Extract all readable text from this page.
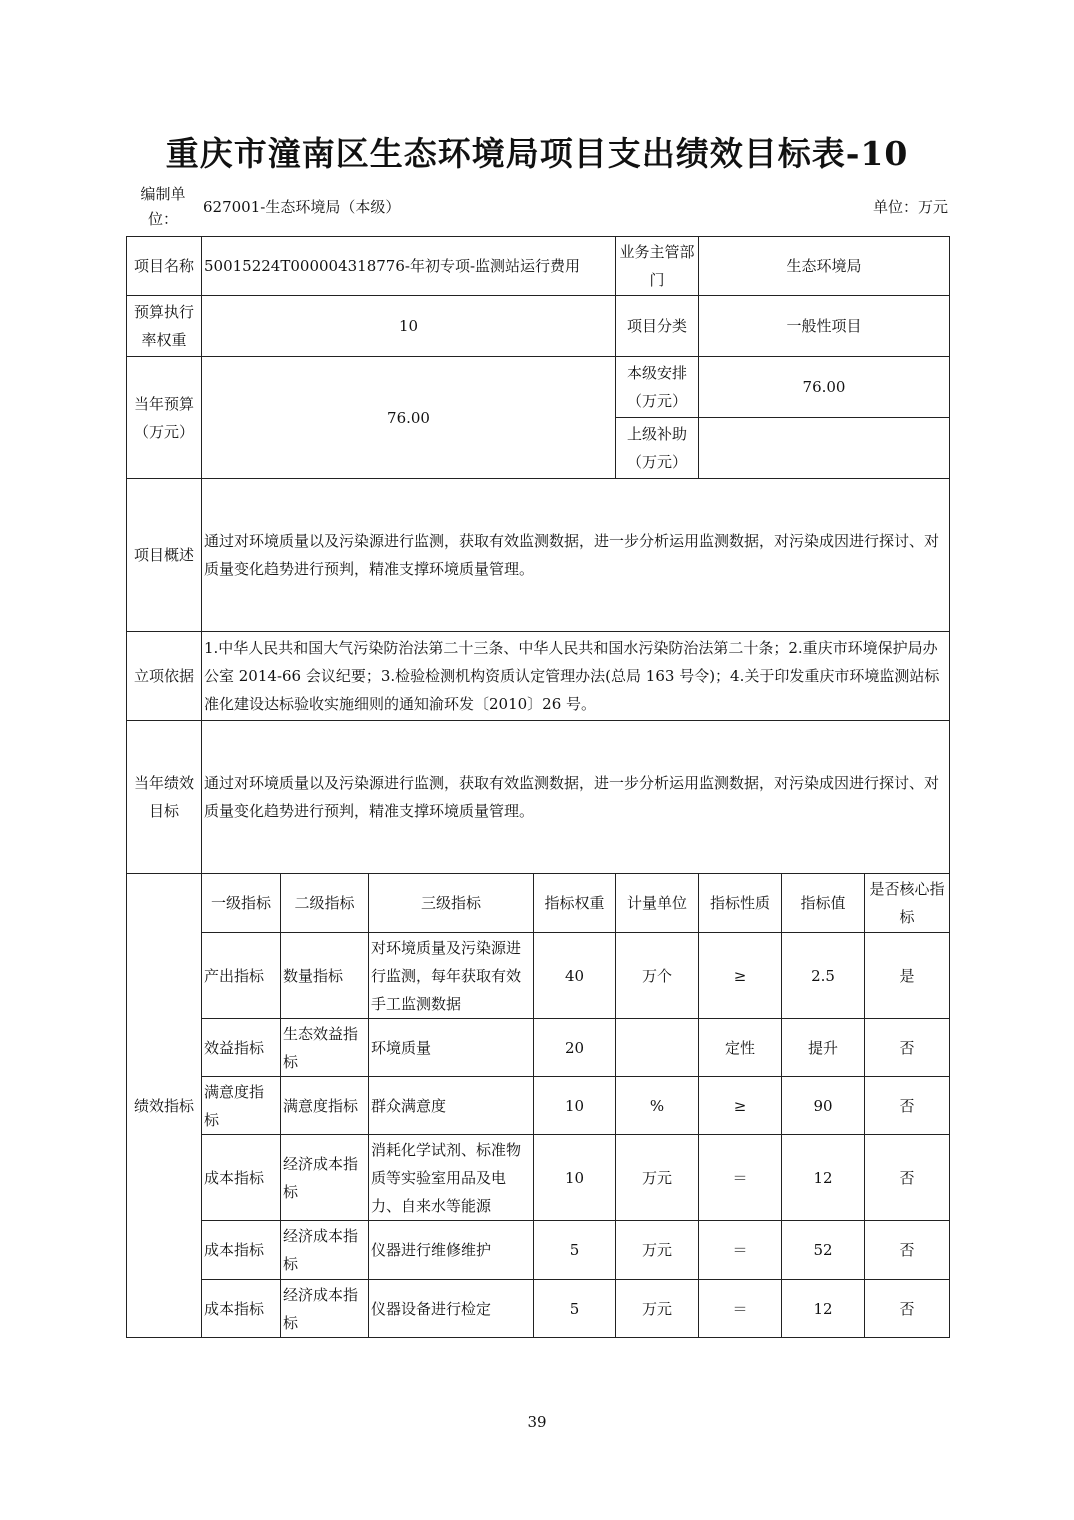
重庆市潼南区生态环境局项目支出绩效目标表-10
编制单位：
627001-生态环境局（本级）	单位：万元
项目名称	50015224T000004318776-年初专项-监测站运行费用				业务主管部门	生态环境局		
预算执行率权重	10				项目分类	一般性项目		
当年预算（万元）	76.00				本级安排（万元）	76.00		
					上级补助（万元）			
项目概述	通过对环境质量以及污染源进行监测，获取有效监测数据，进一步分析运用监测数据，对污染成因进行探讨、对质量变化趋势进行预判，精准支撑环境质量管理。							
立项依据	1.中华人民共和国大气污染防治法第二十三条、中华人民共和国水污染防治法第二十条；2.重庆市环境保护局办公室 2014-66 会议纪要；3.检验检测机构资质认定管理办法(总局 163 号令)；4.关于印发重庆市环境监测站标准化建设达标验收实施细则的通知渝环发〔2010〕26 号。							
当年绩效目标	通过对环境质量以及污染源进行监测，获取有效监测数据，进一步分析运用监测数据，对污染成因进行探讨、对质量变化趋势进行预判，精准支撑环境质量管理。							
绩效指标	一级指标	二级指标	三级指标	指标权重	计量单位	指标性质	指标值	是否核心指标
	产出指标	数量指标	对环境质量及污染源进行监测，每年获取有效手工监测数据	40	万个	≥	2.5	是
	效益指标	生态效益指标	环境质量	20		定性	提升	否
	满意度指标	满意度指标	群众满意度	10	%	≥	90	否
	成本指标	经济成本指标	消耗化学试剂、标准物质等实验室用品及电力、自来水等能源	10	万元	＝	12	否
	成本指标	经济成本指标	仪器进行维修维护	5	万元	＝	52	否
	成本指标	经济成本指标	仪器设备进行检定	5	万元	＝	12	否
39
